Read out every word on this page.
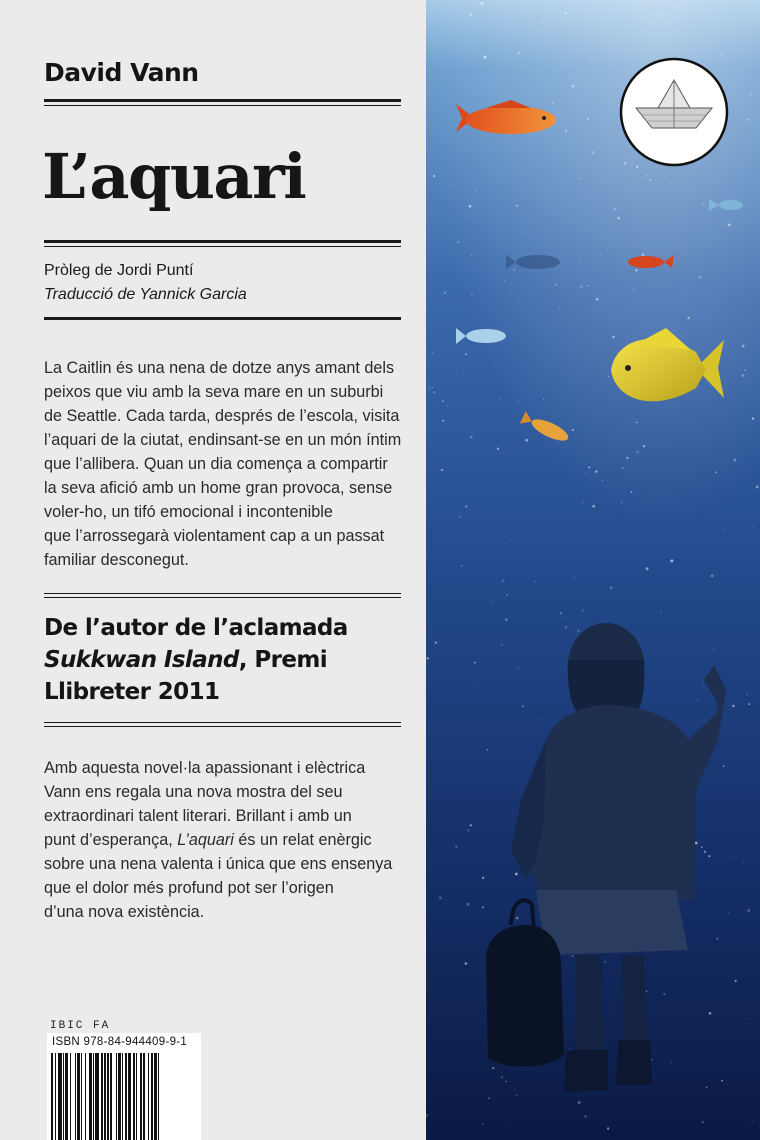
David Vann
L’aquari
Pròleg de Jordi Puntí
Traducció de Yannick Garcia
La Caitlin és una nena de dotze anys amant dels
peixos que viu amb la seva mare en un suburbi
de Seattle. Cada tarda, després de l’escola, visita
l’aquari de la ciutat, endinsant-se en un món íntim
que l’allibera. Quan un dia comença a compartir
la seva afició amb un home gran provoca, sense
voler-ho, un tifó emocional i incontenible
que l’arrossegarà violentament cap a un passat
familiar desconegut.
De l’autor de l’aclamada
Sukkwan Island, Premi
Llibreter 2011
Amb aquesta novel·la apassionant i elèctrica
Vann ens regala una nova mostra del seu
extraordinari talent literari. Brillant i amb un
punt d’esperança, L’aquari és un relat enèrgic
sobre una nena valenta i única que ens ensenya
que el dolor més profund pot ser l’origen
d’una nova existència.
IBIC FA
ISBN 978-84-944409-9-1
